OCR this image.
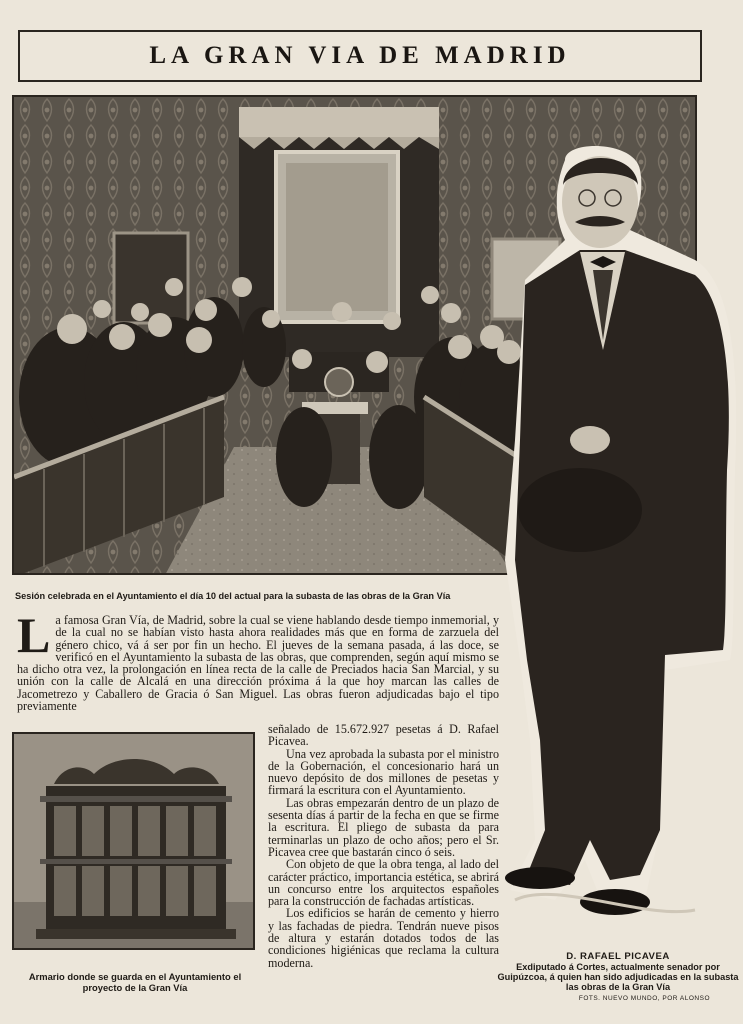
LA GRAN VIA DE MADRID
Sesión celebrada en el Ayuntamiento el día 10 del actual para la subasta de las obras de la Gran Vía
L a famosa Gran Vía, de Madrid, sobre la cual se viene hablando desde tiempo inmemorial, y de la cual no se habían visto hasta ahora realidades más que en forma de zarzuela del género chico, vá á ser por fin un hecho. El jueves de la semana pasada, á las doce, se verificó en el Ayuntamiento la subasta de las obras, que comprenden, según aquí mismo se ha dicho otra vez, la prolongación en línea recta de la calle de Preciados hacia San Marcial, y su unión con la calle de Alcalá en una dirección próxima á la que hoy marcan las calles de Jacometrezo y Caballero de Gracia ó San Miguel. Las obras fueron adjudicadas bajo el tipo previamente

señalado de 15.672.927 pesetas á D. Rafael Picavea.

Una vez aprobada la subasta por el ministro de la Gobernación, el concesionario hará un nuevo depósito de dos millones de pesetas y firmará la escritura con el Ayuntamiento.

Las obras empezarán dentro de un plazo de sesenta días á partir de la fecha en que se firme la escritura. El pliego de subasta da para terminarlas un plazo de ocho años; pero el Sr. Picavea cree que bastarán cinco ó seis.

Con objeto de que la obra tenga, al lado del carácter práctico, importancia estética, se abrirá un concurso entre los arquitectos españoles para la construcción de fachadas artísticas.

Los edificios se harán de cemento y hierro y las fachadas de piedra. Tendrán nueve pisos de altura y estarán dotados todos de las condiciones higiénicas que reclama la cultura moderna.

Armario donde se guarda en el Ayuntamiento el proyecto de la Gran Vía
D. RAFAEL PICAVEA
Exdiputado á Cortes, actualmente senador por Guipúzcoa, á quien han sido adjudicadas en la subasta las obras de la Gran Vía
FOTS. NUEVO MUNDO, POR ALONSO
